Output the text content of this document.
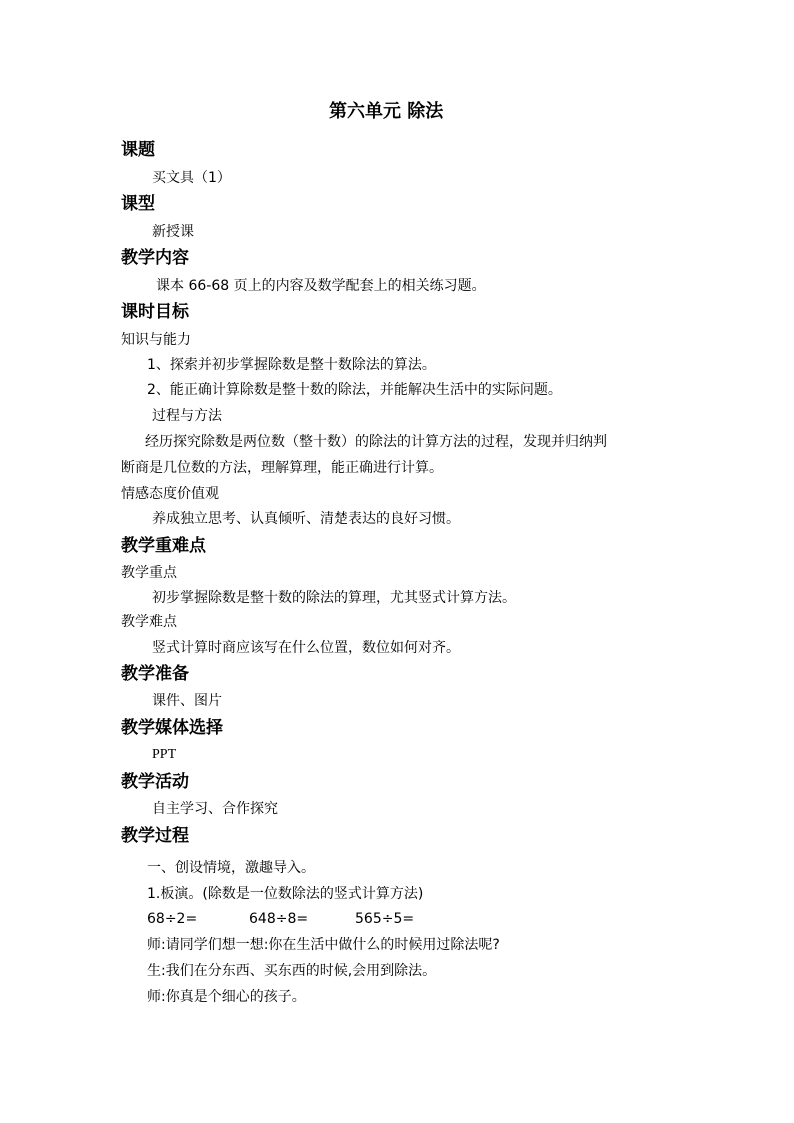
第六单元 除法
课题
买文具（1）
课型
新授课
教学内容
课本 66-68 页上的内容及数学配套上的相关练习题。
课时目标
知识与能力
1、探索并初步掌握除数是整十数除法的算法。
2、能正确计算除数是整十数的除法，并能解决生活中的实际问题。
过程与方法
经历探究除数是两位数（整十数）的除法的计算方法的过程，发现并归纳判
断商是几位数的方法，理解算理，能正确进行计算。
情感态度价值观
养成独立思考、认真倾听、清楚表达的良好习惯。
教学重难点
教学重点
初步掌握除数是整十数的除法的算理，尤其竖式计算方法。
教学难点
竖式计算时商应该写在什么位置，数位如何对齐。
教学准备
课件、图片
教学媒体选择
PPT
教学活动
自主学习、合作探究
教学过程
一、创设情境，激趣导入。
1.板演。(除数是一位数除法的竖式计算方法)
68÷2=	648÷8=	565÷5=
师:请同学们想一想:你在生活中做什么的时候用过除法呢?
生:我们在分东西、买东西的时候,会用到除法。
师:你真是个细心的孩子。
